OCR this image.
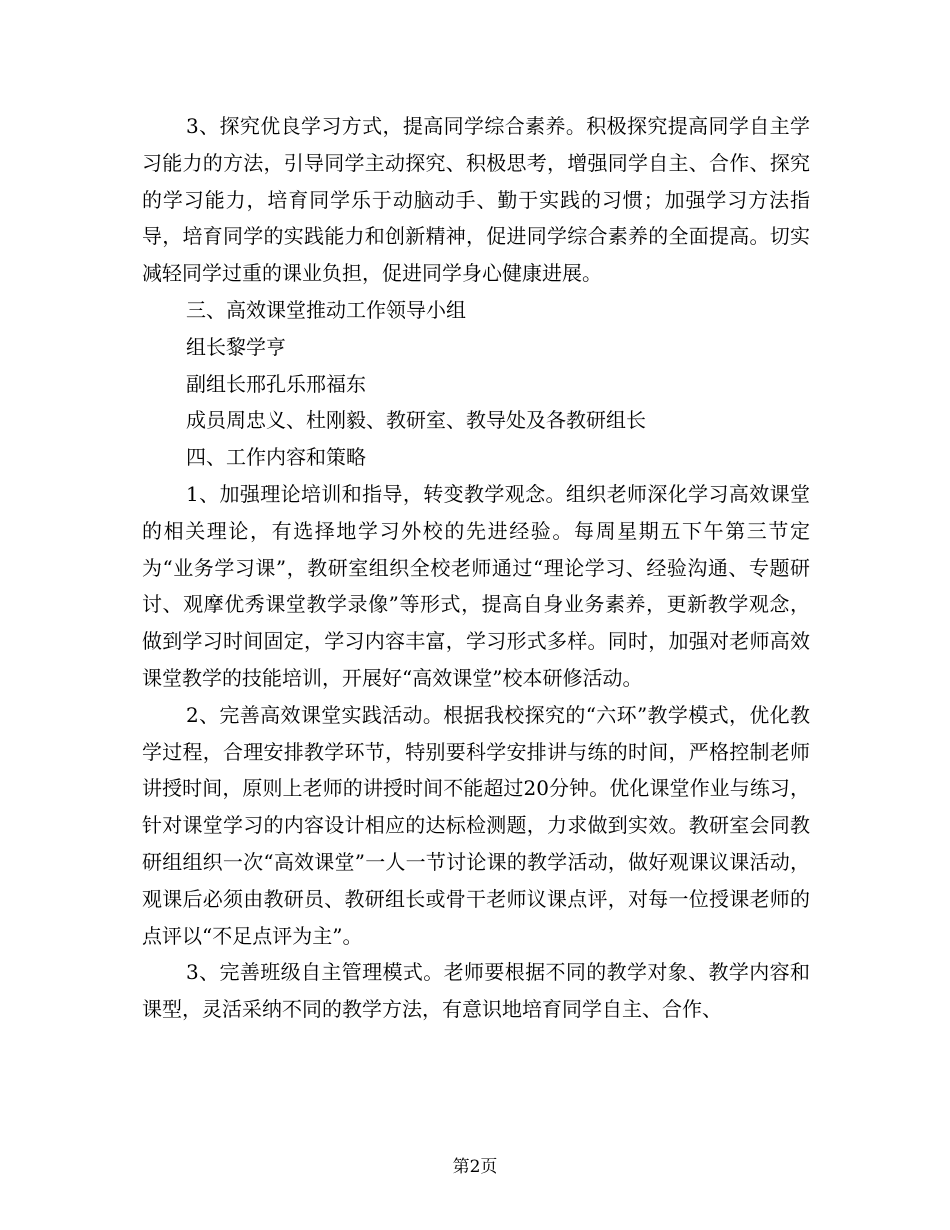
3、探究优良学习方式，提高同学综合素养。积极探究提高同学自主学习能力的方法，引导同学主动探究、积极思考，增强同学自主、合作、探究的学习能力，培育同学乐于动脑动手、勤于实践的习惯；加强学习方法指导，培育同学的实践能力和创新精神，促进同学综合素养的全面提高。切实减轻同学过重的课业负担，促进同学身心健康进展。

三、高效课堂推动工作领导小组

组长黎学亨

副组长邢孔乐邢福东

成员周忠义、杜刚毅、教研室、教导处及各教研组长

四、工作内容和策略

1、加强理论培训和指导，转变教学观念。组织老师深化学习高效课堂的相关理论，有选择地学习外校的先进经验。每周星期五下午第三节定为“业务学习课”，教研室组织全校老师通过“理论学习、经验沟通、专题研讨、观摩优秀课堂教学录像”等形式，提高自身业务素养，更新教学观念，做到学习时间固定，学习内容丰富，学习形式多样。同时，加强对老师高效课堂教学的技能培训，开展好“高效课堂”校本研修活动。

2、完善高效课堂实践活动。根据我校探究的“六环”教学模式，优化教学过程，合理安排教学环节，特别要科学安排讲与练的时间，严格控制老师讲授时间，原则上老师的讲授时间不能超过20分钟。优化课堂作业与练习，针对课堂学习的内容设计相应的达标检测题，力求做到实效。教研室会同教研组组织一次“高效课堂”一人一节讨论课的教学活动，做好观课议课活动，观课后必须由教研员、教研组长或骨干老师议课点评，对每一位授课老师的点评以“不足点评为主”。

3、完善班级自主管理模式。老师要根据不同的教学对象、教学内容和课型，灵活采纳不同的教学方法，有意识地培育同学自主、合作、

第2页
